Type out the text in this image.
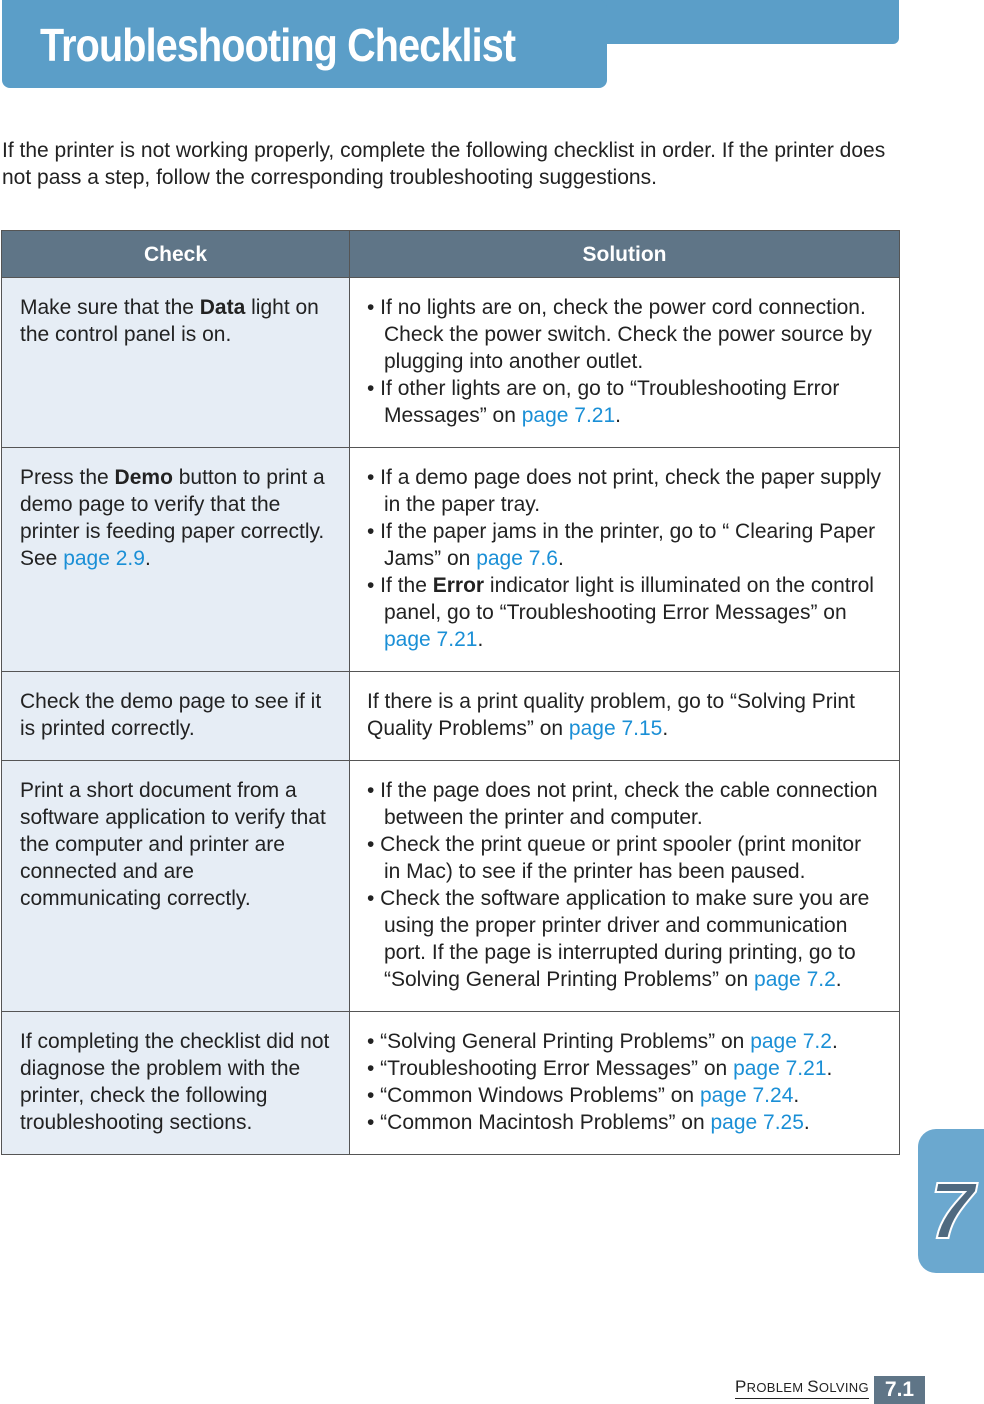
Troubleshooting Checklist
If the printer is not working properly, complete the following checklist in order. If the printer does not pass a step, follow the corresponding troubleshooting suggestions.
Check	Solution
Make sure that the Data light on the control panel is on.	• If no lights are on, check the power cord connection. Check the power switch. Check the power source by plugging into another outlet.
• If other lights are on, go to “Troubleshooting Error Messages” on page 7.21.

Press the Demo button to print a demo page to verify that the printer is feeding paper correctly. See page 2.9.	• If a demo page does not print, check the paper supply in the paper tray.
• If the paper jams in the printer, go to “ Clearing Paper Jams” on page 7.6.
• If the Error indicator light is illuminated on the control panel, go to “Troubleshooting Error Messages” on page 7.21.

Check the demo page to see if it is printed correctly.	If there is a print quality problem, go to “Solving Print Quality Problems” on page 7.15.

Print a short document from a software application to verify that the computer and printer are connected and are communicating correctly.	• If the page does not print, check the cable connection between the printer and computer.
• Check the print queue or print spooler (print monitor in Mac) to see if the printer has been paused.
• Check the software application to make sure you are using the proper printer driver and communication port. If the page is interrupted during printing, go to “Solving General Printing Problems” on page 7.2.

If completing the checklist did not diagnose the problem with the printer, check the following troubleshooting sections.	• “Solving General Printing Problems” on page 7.2.
• “Troubleshooting Error Messages” on page 7.21.
• “Common Windows Problems” on page 7.24.
• “Common Macintosh Problems” on page 7.25.
7
PROBLEM SOLVING 7.1
